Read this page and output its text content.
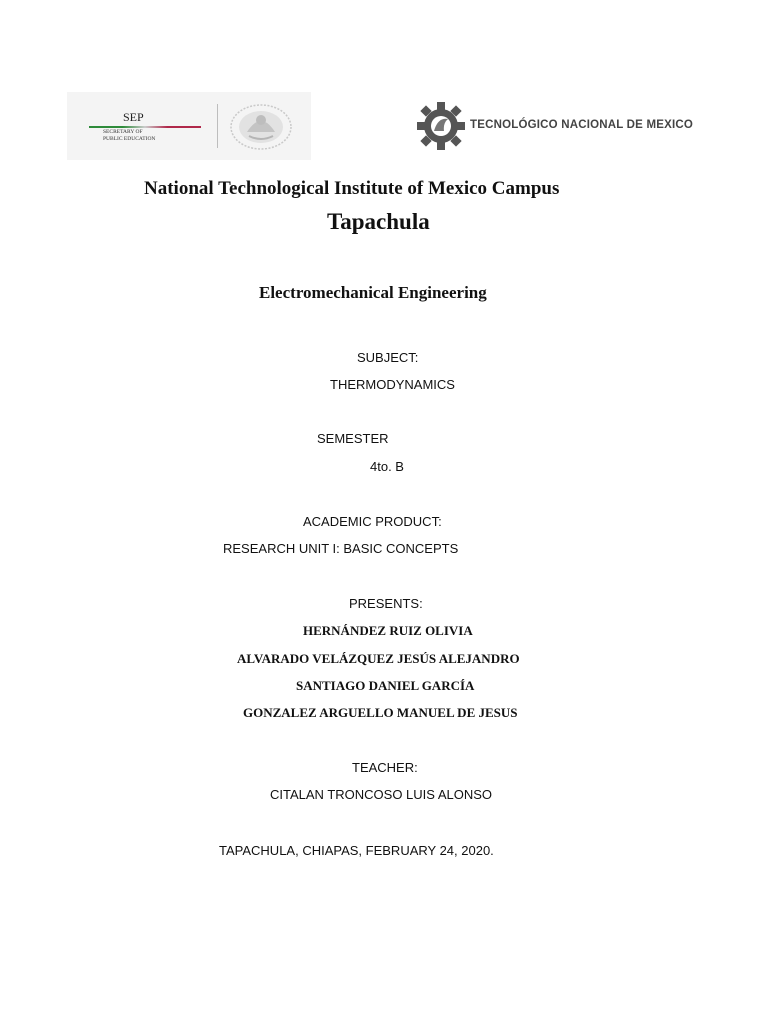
SEP
SECRETARY OF
PUBLIC EDUCATION
TECNOLÓGICO NACIONAL DE MEXICO
National Technological Institute of Mexico Campus
Tapachula
Electromechanical Engineering
SUBJECT:
THERMODYNAMICS
SEMESTER
4to. B
ACADEMIC PRODUCT:
RESEARCH UNIT I: BASIC CONCEPTS
PRESENTS:
HERNÁNDEZ RUIZ OLIVIA
ALVARADO VELÁZQUEZ JESÚS ALEJANDRO
SANTIAGO DANIEL GARCÍA
GONZALEZ ARGUELLO MANUEL DE JESUS
TEACHER:
CITALAN TRONCOSO LUIS ALONSO
TAPACHULA, CHIAPAS, FEBRUARY 24, 2020.
